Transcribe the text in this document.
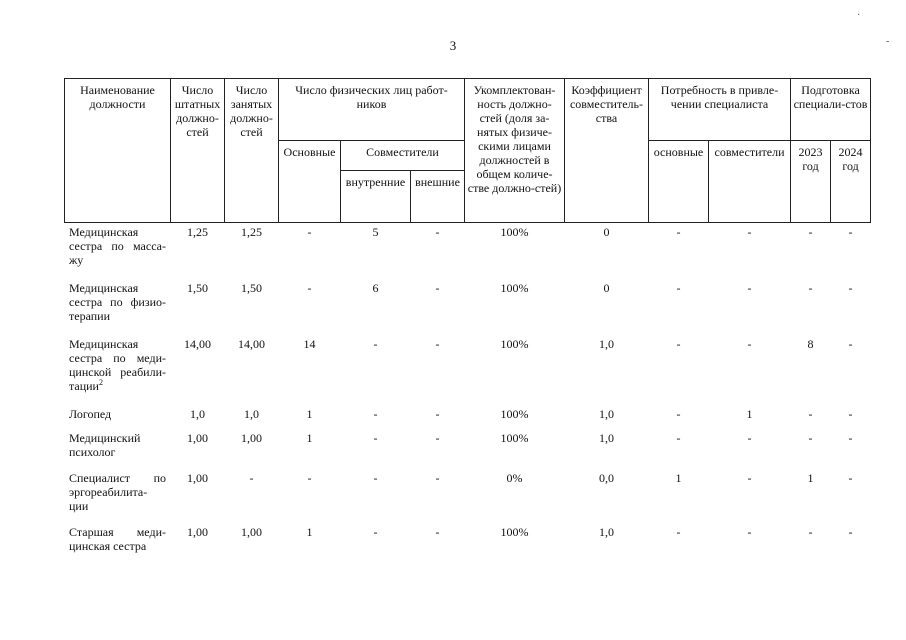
3
·
-
Наименование должности	Число штатных должно-стей	Число занятых должно-стей	Число физических лиц работ-ников			Укомплектован-ность должно-стей (доля за-нятых физиче-скими лицами должностей в общем количе-стве должно-стей)	Коэффициент совместитель-ства	Потребность в привле-чении специалиста		Подготовка специали-стов	
			Основные	Совместители				основные	совместители	2023 год	2024 год
				внутренние	внешние						
Медицинская сестра по масса-жу	1,25	1,25	-	5	-	100%	0	-	-	-	-
Медицинская сестра по физио-терапии	1,50	1,50	-	6	-	100%	0	-	-	-	-
Медицинская сестра по меди-цинской реабили-тации$^2$	14,00	14,00	14	-	-	100%	1,0	-	-	8	-
Логопед	1,0	1,0	1	-	-	100%	1,0	-	1	-	-
Медицинский психолог	1,00	1,00	1	-	-	100%	1,0	-	-	-	-
Специалист по эргореабилита-ции	1,00	-	-	-	-	0%	0,0	1	-	1	-
Старшая меди-цинская сестра	1,00	1,00	1	-	-	100%	1,0	-	-	-	-
